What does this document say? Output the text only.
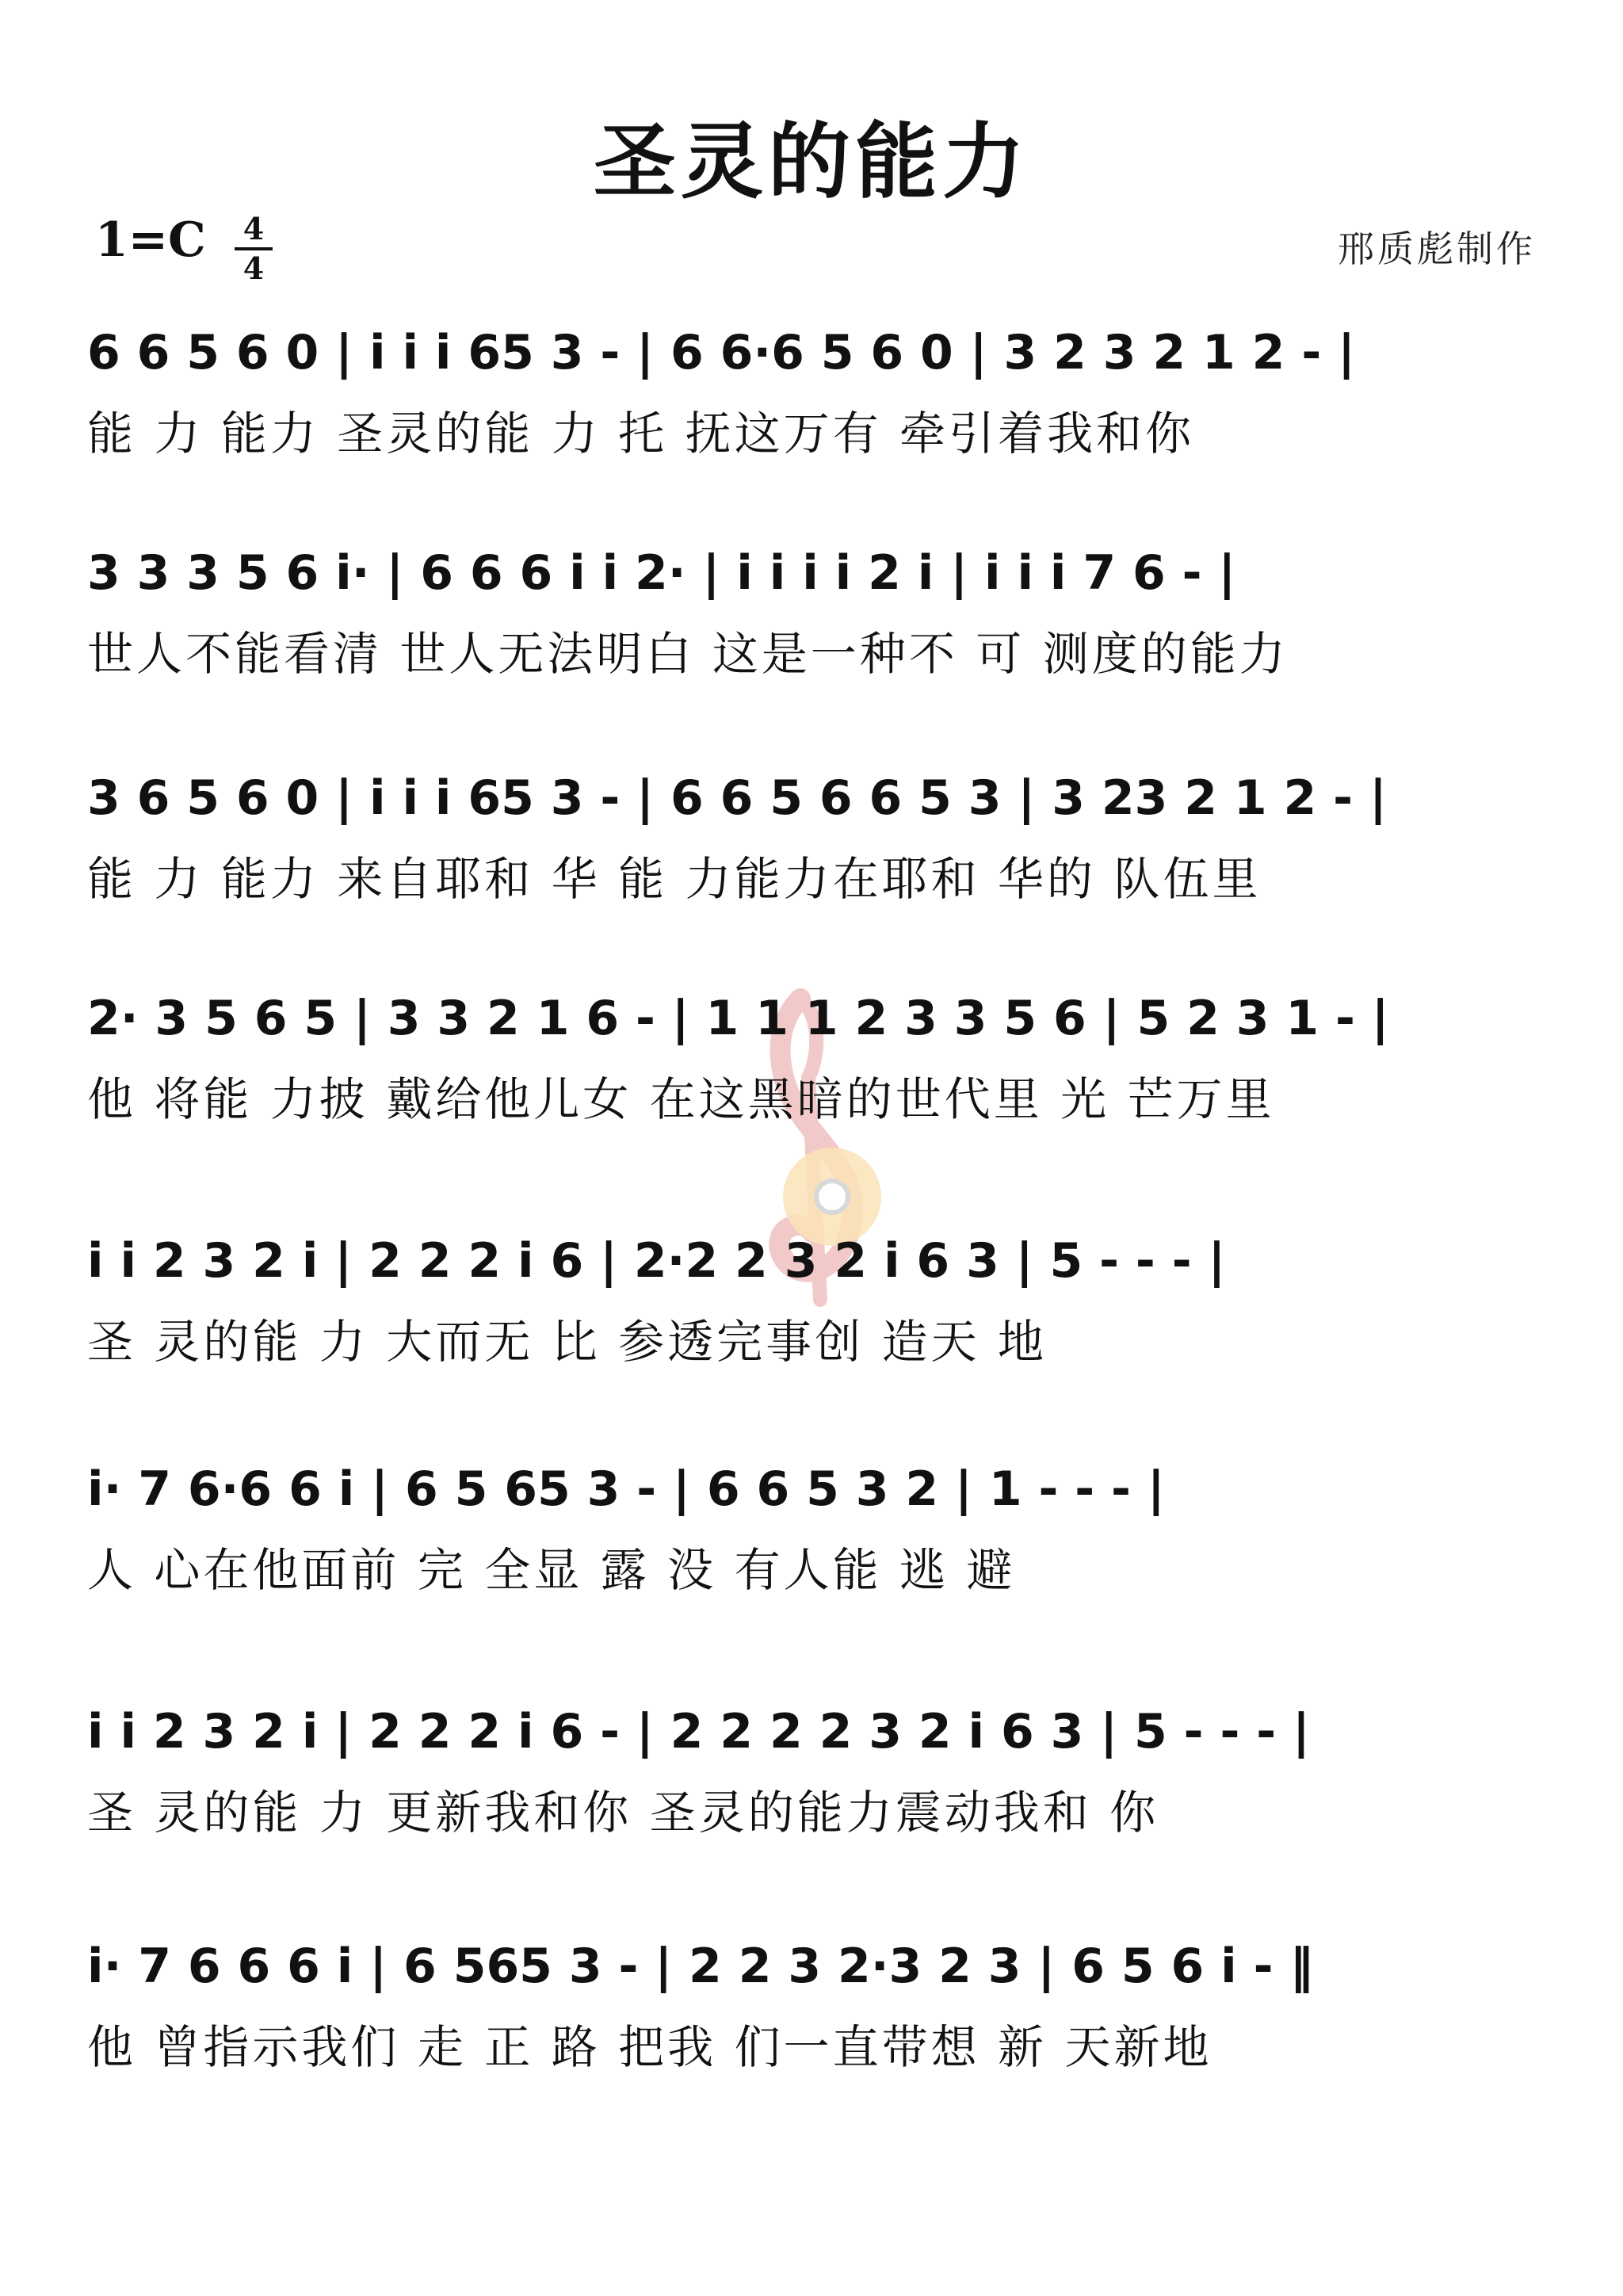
圣灵的能力
1=C 4
4	邢质彪制作
6 6 5 6 0 | i i i 65 3 - | 6 6·6 5 6 0 | 3 2 3 2 1 2 - |
能 力 能力 圣灵的能 力 托 抚这万有 牵引着我和你
3 3 3 5 6 i· | 6 6 6 i i 2· | i i i i 2 i | i i i 7 6 - |
世人不能看清 世人无法明白 这是一种不 可 测度的能力
3 6 5 6 0 | i i i 65 3 - | 6 6 5 6 6 5 3 | 3 23 2 1 2 - |
能 力 能力 来自耶和 华 能 力能力在耶和 华的 队伍里
2· 3 5 6 5 | 3 3 2 1 6 - | 1 1 1 2 3 3 5 6 | 5 2 3 1 - |
他 将能 力披 戴给他儿女 在这黑暗的世代里 光 芒万里
i i 2 3 2 i | 2 2 2 i 6 | 2·2 2 3 2 i 6 3 | 5 - - - |
圣 灵的能 力 大而无 比 参透完事创 造天 地
i· 7 6·6 6 i | 6 5 65 3 - | 6 6 5 3 2 | 1 - - - |
人 心在他面前 完 全显 露 没 有人能 逃 避
i i 2 3 2 i | 2 2 2 i 6 - | 2 2 2 2 3 2 i 6 3 | 5 - - - |
圣 灵的能 力 更新我和你 圣灵的能力震动我和 你
i· 7 6 6 6 i | 6 565 3 - | 2 2 3 2·3 2 3 | 6 5 6 i - ‖
他 曾指示我们 走 正 路 把我 们一直带想 新 天新地
